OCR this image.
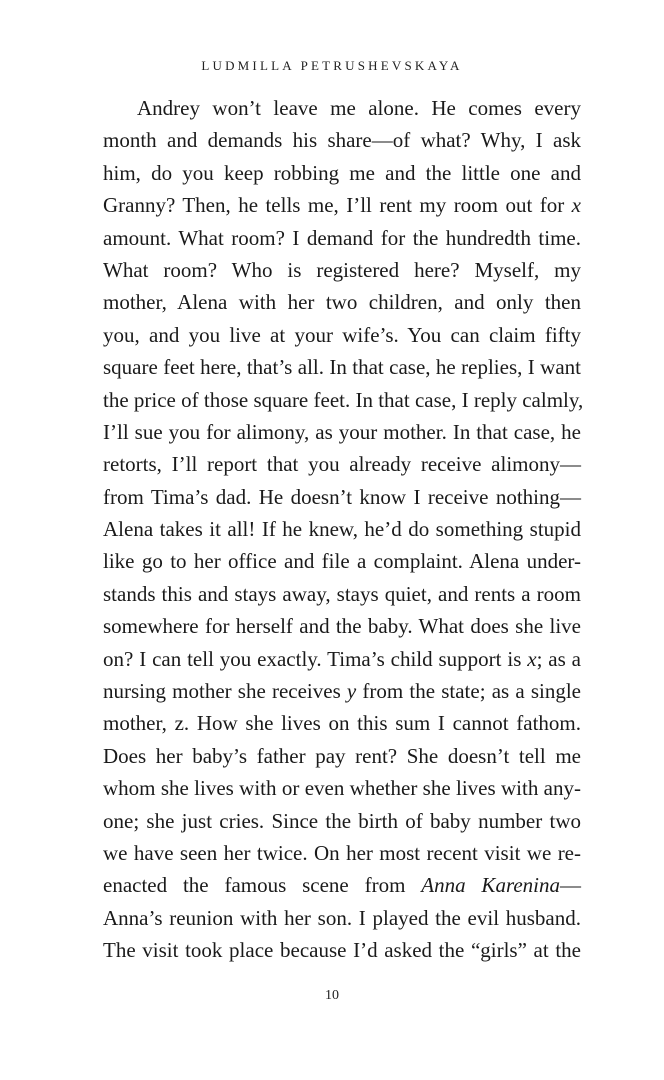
LUDMILLA PETRUSHEVSKAYA
Andrey won’t leave me alone. He comes every
month and demands his share—of what? Why, I ask
him, do you keep robbing me and the little one and
Granny? Then, he tells me, I’ll rent my room out for x
amount. What room? I demand for the hundredth time.
What room? Who is registered here? Myself, my
mother, Alena with her two children, and only then
you, and you live at your wife’s. You can claim fifty
square feet here, that’s all. In that case, he replies, I want
the price of those square feet. In that case, I reply calmly,
I’ll sue you for alimony, as your mother. In that case, he
retorts, I’ll report that you already receive alimony—
from Tima’s dad. He doesn’t know I receive nothing—
Alena takes it all! If he knew, he’d do something stupid
like go to her office and file a complaint. Alena under-
stands this and stays away, stays quiet, and rents a room
somewhere for herself and the baby. What does she live
on? I can tell you exactly. Tima’s child support is x; as a
nursing mother she receives y from the state; as a single
mother, z. How she lives on this sum I cannot fathom.
Does her baby’s father pay rent? She doesn’t tell me
whom she lives with or even whether she lives with any-
one; she just cries. Since the birth of baby number two
we have seen her twice. On her most recent visit we re-
enacted the famous scene from Anna Karenina—
Anna’s reunion with her son. I played the evil husband.
The visit took place because I’d asked the “girls” at the
10
